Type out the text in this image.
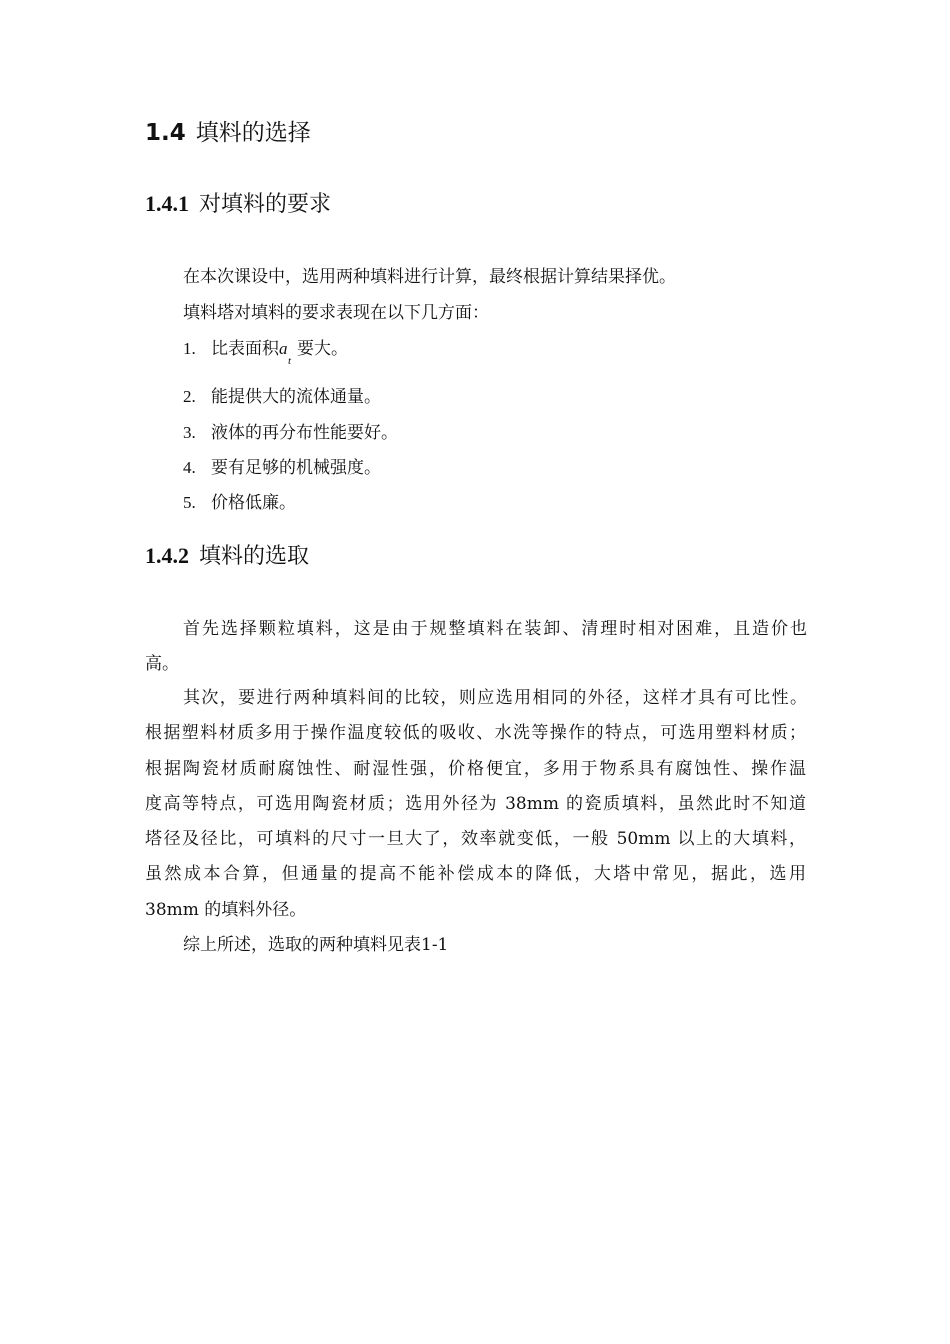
1.4 填料的选择
1.4.1 对填料的要求
在本次课设中，选用两种填料进行计算，最终根据计算结果择优。
填料塔对填料的要求表现在以下几方面：
1. 比表面积a
t
要大。
2. 能提供大的流体通量。
3. 液体的再分布性能要好。
4. 要有足够的机械强度。
5. 价格低廉。
1.4.2 填料的选取
首先选择颗粒填料，这是由于规整填料在装卸、清理时相对困难，且造价也
高。
其次，要进行两种填料间的比较，则应选用相同的外径，这样才具有可比性。
根据塑料材质多用于操作温度较低的吸收、水洗等操作的特点，可选用塑料材质；
根据陶瓷材质耐腐蚀性、耐湿性强，价格便宜，多用于物系具有腐蚀性、操作温
度高等特点，可选用陶瓷材质；选用外径为 38mm 的瓷质填料，虽然此时不知道
塔径及径比，可填料的尺寸一旦大了，效率就变低，一般 50mm 以上的大填料，
虽然成本合算，但通量的提高不能补偿成本的降低，大塔中常见，据此，选用
38mm 的填料外径。
综上所述，选取的两种填料见表1-1
